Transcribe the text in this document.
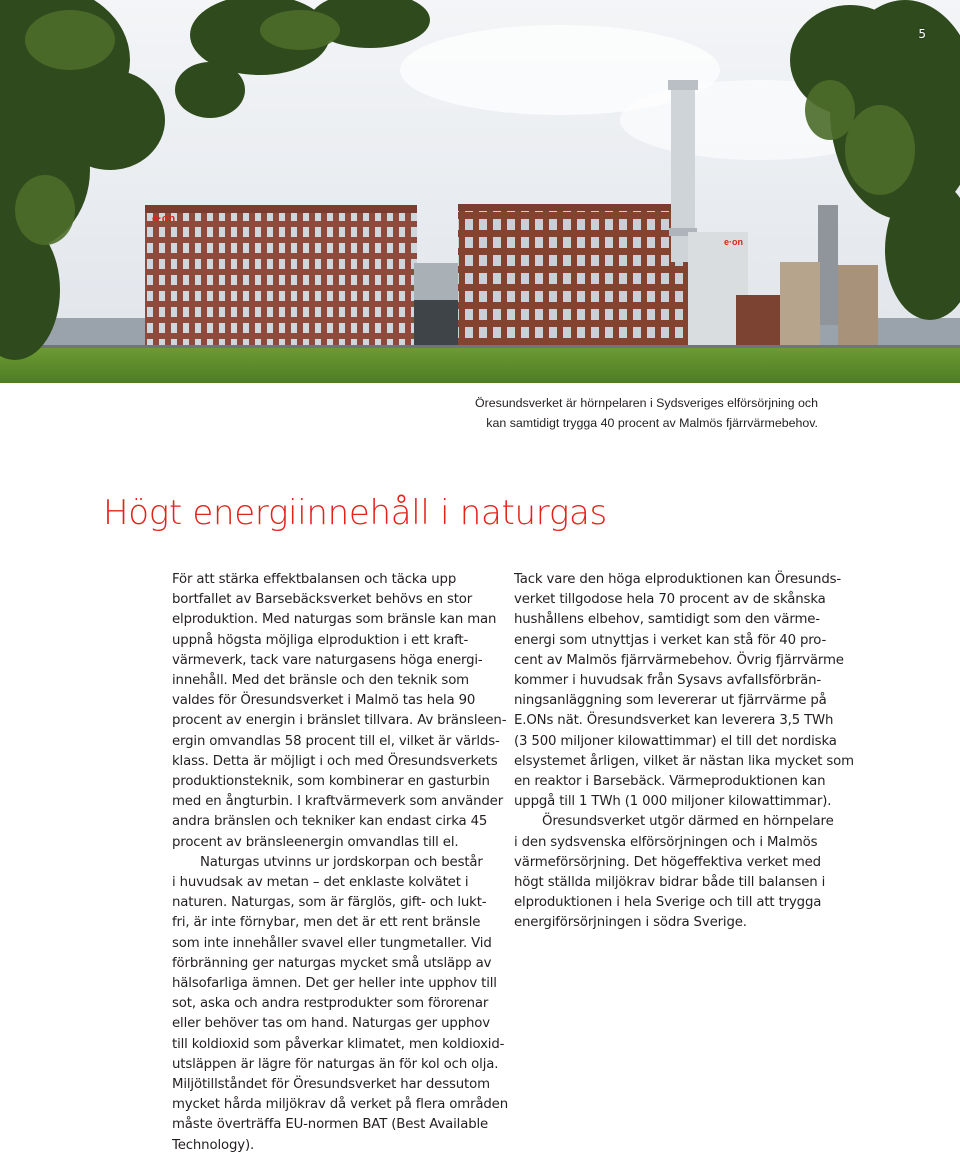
e·on
e·on
5
Öresundsverket är hörnpelaren i Sydsveriges elförsörjning och
kan samtidigt trygga 40 procent av Malmös fjärrvärmebehov.
Högt energiinnehåll i naturgas

För att stärka effektbalansen och täcka upp
bortfallet av Barsebäcksverket behövs en stor
elproduktion. Med naturgas som bränsle kan man
uppnå högsta möjliga elproduktion i ett kraft-
värmeverk, tack vare naturgasens höga energi-
innehåll. Med det bränsle och den teknik som
valdes för Öresundsverket i Malmö tas hela 90
procent av energin i bränslet tillvara. Av bränsleen-
ergin omvandlas 58 procent till el, vilket är världs-
klass. Detta är möjligt i och med Öresundsverkets
produktionsteknik, som kombinerar en gasturbin
med en ångturbin. I kraftvärmeverk som använder
andra bränslen och tekniker kan endast cirka 45
procent av bränsleenergin omvandlas till el.

Naturgas utvinns ur jordskorpan och består
i huvudsak av metan – det enklaste kolvätet i
naturen. Naturgas, som är färglös, gift- och lukt-
fri, är inte förnybar, men det är ett rent bränsle
som inte innehåller svavel eller tungmetaller. Vid
förbränning ger naturgas mycket små utsläpp av
hälsofarliga ämnen. Det ger heller inte upphov till
sot, aska och andra restprodukter som förorenar
eller behöver tas om hand. Naturgas ger upphov
till koldioxid som påverkar klimatet, men koldioxid-
utsläppen är lägre för naturgas än för kol och olja.
Miljötillståndet för Öresundsverket har dessutom
mycket hårda miljökrav då verket på flera områden
måste överträffa EU-normen BAT (Best Available
Technology).

Tack vare den höga elproduktionen kan Öresunds-
verket tillgodose hela 70 procent av de skånska
hushållens elbehov, samtidigt som den värme-
energi som utnyttjas i verket kan stå för 40 pro-
cent av Malmös fjärrvärmebehov. Övrig fjärrvärme
kommer i huvudsak från Sysavs avfallsförbrän-
ningsanläggning som levererar ut fjärrvärme på
E.ONs nät. Öresundsverket kan leverera 3,5 TWh
(3 500 miljoner kilowattimmar) el till det nordiska
elsystemet årligen, vilket är nästan lika mycket som
en reaktor i Barsebäck. Värmeproduktionen kan
uppgå till 1 TWh (1 000 miljoner kilowattimmar).

Öresundsverket utgör därmed en hörnpelare
i den sydsvenska elförsörjningen och i Malmös
värmeförsörjning. Det högeffektiva verket med
högt ställda miljökrav bidrar både till balansen i
elproduktionen i hela Sverige och till att trygga
energiförsörjningen i södra Sverige.
